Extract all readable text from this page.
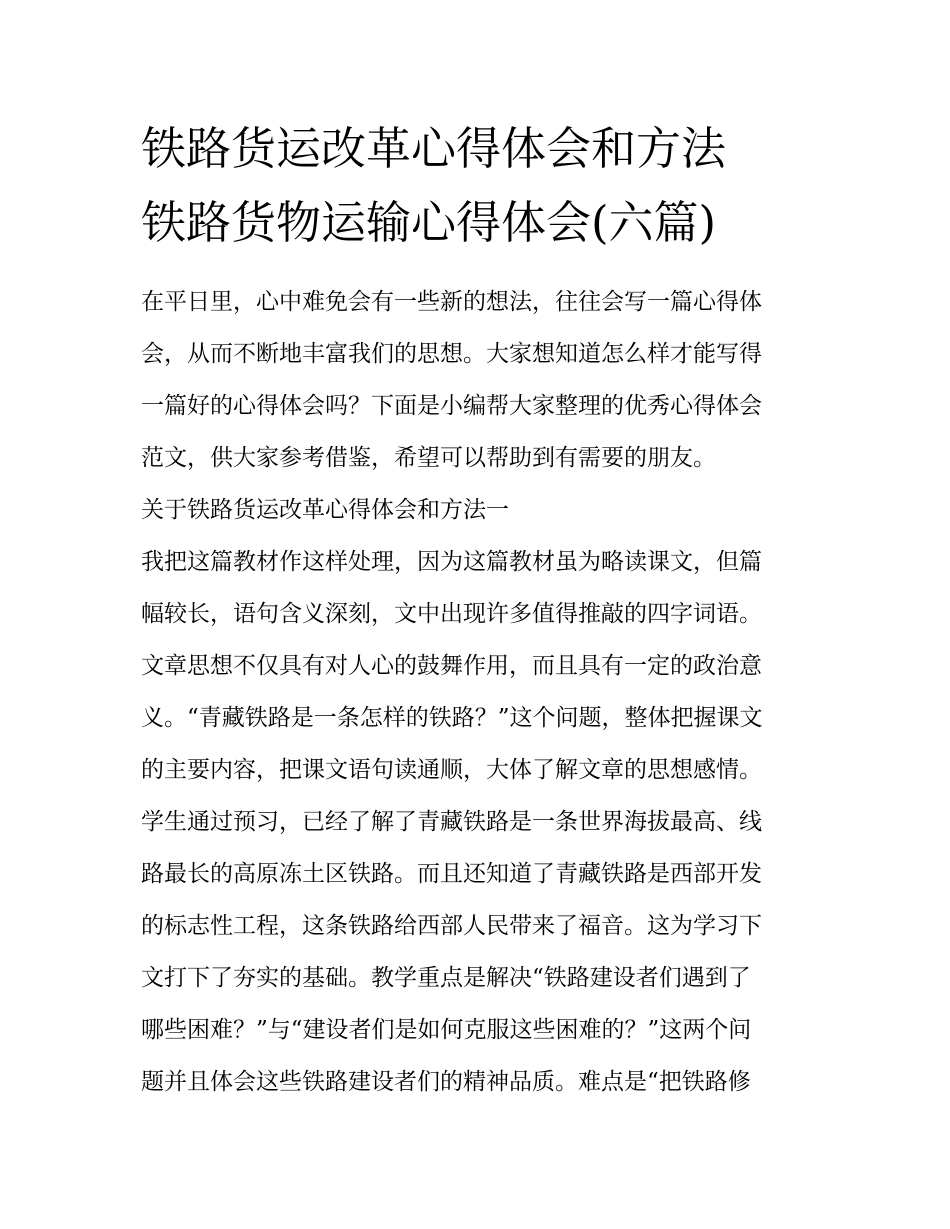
铁路货运改革心得体会和方法
铁路货物运输心得体会(六篇)
在平日里，心中难免会有一些新的想法，往往会写一篇心得体
会，从而不断地丰富我们的思想。大家想知道怎么样才能写得
一篇好的心得体会吗？下面是小编帮大家整理的优秀心得体会
范文，供大家参考借鉴，希望可以帮助到有需要的朋友。
关于铁路货运改革心得体会和方法一
我把这篇教材作这样处理，因为这篇教材虽为略读课文，但篇
幅较长，语句含义深刻，文中出现许多值得推敲的四字词语。
文章思想不仅具有对人心的鼓舞作用，而且具有一定的政治意
义。“青藏铁路是一条怎样的铁路？”这个问题，整体把握课文
的主要内容，把课文语句读通顺，大体了解文章的思想感情。
学生通过预习，已经了解了青藏铁路是一条世界海拔最高、线
路最长的高原冻土区铁路。而且还知道了青藏铁路是西部开发
的标志性工程，这条铁路给西部人民带来了福音。这为学习下
文打下了夯实的基础。教学重点是解决“铁路建设者们遇到了
哪些困难？”与“建设者们是如何克服这些困难的？”这两个问
题并且体会这些铁路建设者们的精神品质。难点是“把铁路修
